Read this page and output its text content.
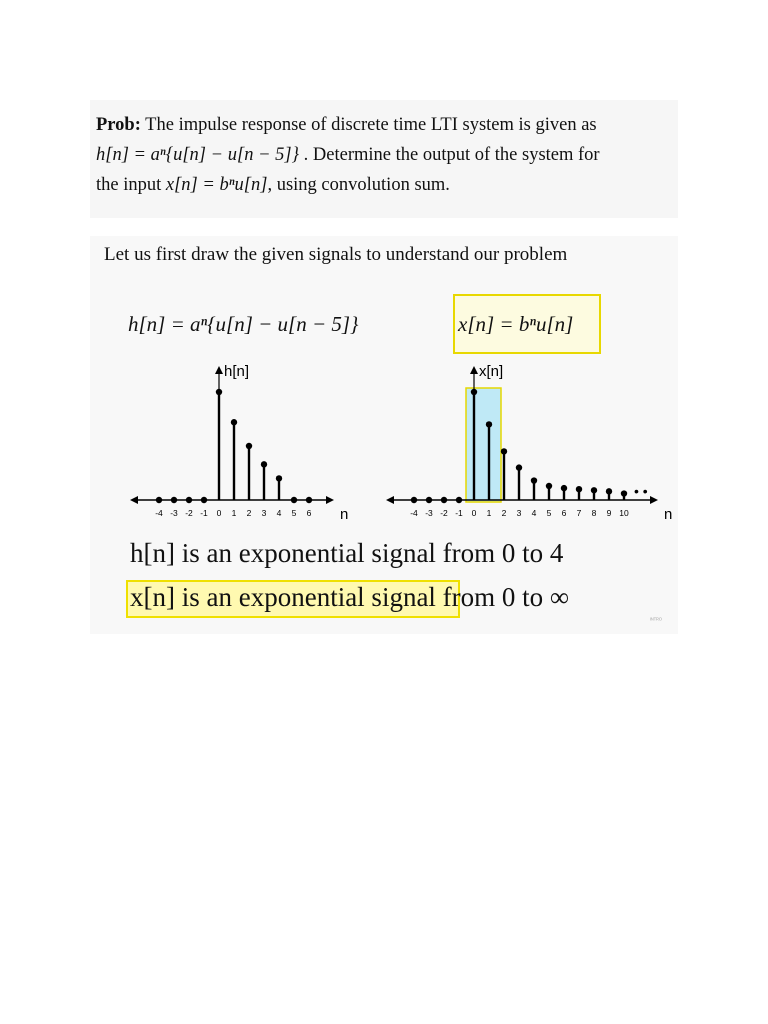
Prob: The impulse response of discrete time LTI system is given as

h[n] = aⁿ{u[n] − u[n − 5]} . Determine the output of the system for

the input x[n] = bⁿu[n], using convolution sum.

Let us first draw the given signals to understand our problem
h[n] = aⁿ{u[n] − u[n − 5]}	x[n] = bⁿu[n]
h[n]
n
-4 -3 -2 -1 0 1 2 3 4 5 6
x[n]
n
-4 -3 -2 -1 0 1 2 3 4 5 6 7 8 9 10
• •
h[n] is an exponential signal from 0 to 4
x[n] is an exponential signal from 0 to ∞
ᴵᴺᵀᴿᴼ
